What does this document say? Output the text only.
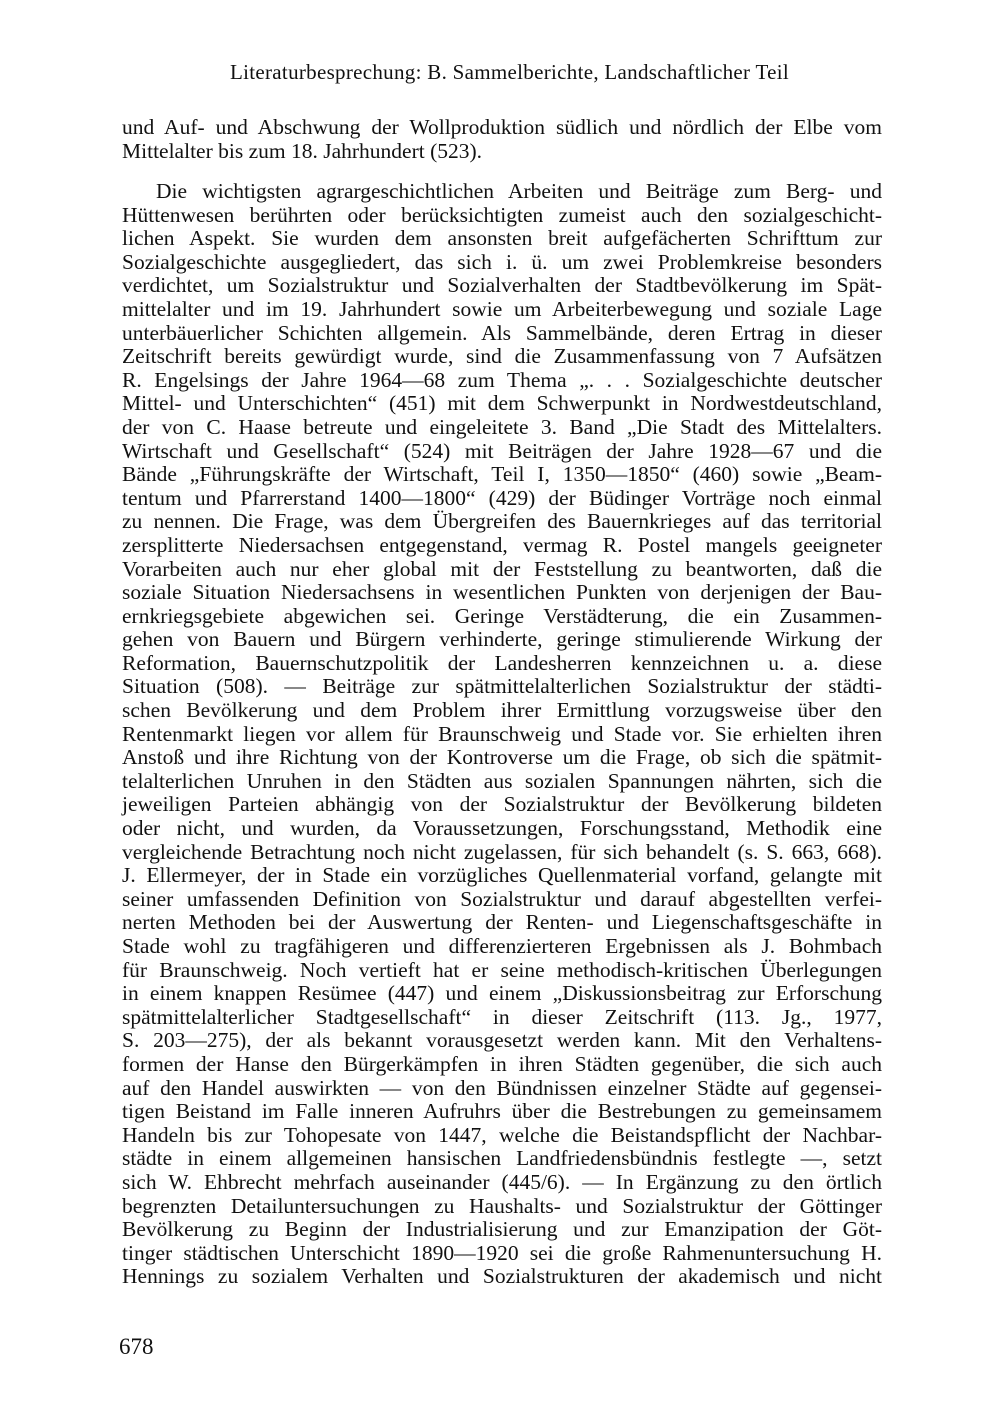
Literaturbesprechung: B. Sammelberichte, Landschaftlicher Teil
und Auf- und Abschwung der Wollproduktion südlich und nördlich der Elbe vom
Mittelalter bis zum 18. Jahrhundert (523).
Die wichtigsten agrargeschichtlichen Arbeiten und Beiträge zum Berg- und
Hüttenwesen berührten oder berücksichtigten zumeist auch den sozialgeschicht-
lichen Aspekt. Sie wurden dem ansonsten breit aufgefächerten Schrifttum zur
Sozialgeschichte ausgegliedert, das sich i. ü. um zwei Problemkreise besonders
verdichtet, um Sozialstruktur und Sozialverhalten der Stadtbevölkerung im Spät-
mittelalter und im 19. Jahrhundert sowie um Arbeiterbewegung und soziale Lage
unterbäuerlicher Schichten allgemein. Als Sammelbände, deren Ertrag in dieser
Zeitschrift bereits gewürdigt wurde, sind die Zusammenfassung von 7 Aufsätzen
R. Engelsings der Jahre 1964—68 zum Thema „. . . Sozialgeschichte deutscher
Mittel- und Unterschichten“ (451) mit dem Schwerpunkt in Nordwestdeutschland,
der von C. Haase betreute und eingeleitete 3. Band „Die Stadt des Mittelalters.
Wirtschaft und Gesellschaft“ (524) mit Beiträgen der Jahre 1928—67 und die
Bände „Führungskräfte der Wirtschaft, Teil I, 1350—1850“ (460) sowie „Beam-
tentum und Pfarrerstand 1400—1800“ (429) der Büdinger Vorträge noch einmal
zu nennen. Die Frage, was dem Übergreifen des Bauernkrieges auf das territorial
zersplitterte Niedersachsen entgegenstand, vermag R. Postel mangels geeigneter
Vorarbeiten auch nur eher global mit der Feststellung zu beantworten, daß die
soziale Situation Niedersachsens in wesentlichen Punkten von derjenigen der Bau-
ernkriegsgebiete abgewichen sei. Geringe Verstädterung, die ein Zusammen-
gehen von Bauern und Bürgern verhinderte, geringe stimulierende Wirkung der
Reformation, Bauernschutzpolitik der Landesherren kennzeichnen u. a. diese
Situation (508). — Beiträge zur spätmittelalterlichen Sozialstruktur der städti-
schen Bevölkerung und dem Problem ihrer Ermittlung vorzugsweise über den
Rentenmarkt liegen vor allem für Braunschweig und Stade vor. Sie erhielten ihren
Anstoß und ihre Richtung von der Kontroverse um die Frage, ob sich die spätmit-
telalterlichen Unruhen in den Städten aus sozialen Spannungen nährten, sich die
jeweiligen Parteien abhängig von der Sozialstruktur der Bevölkerung bildeten
oder nicht, und wurden, da Voraussetzungen, Forschungsstand, Methodik eine
vergleichende Betrachtung noch nicht zugelassen, für sich behandelt (s. S. 663, 668).
J. Ellermeyer, der in Stade ein vorzügliches Quellenmaterial vorfand, gelangte mit
seiner umfassenden Definition von Sozialstruktur und darauf abgestellten verfei-
nerten Methoden bei der Auswertung der Renten- und Liegenschaftsgeschäfte in
Stade wohl zu tragfähigeren und differenzierteren Ergebnissen als J. Bohmbach
für Braunschweig. Noch vertieft hat er seine methodisch-kritischen Überlegungen
in einem knappen Resümee (447) und einem „Diskussionsbeitrag zur Erforschung
spätmittelalterlicher Stadtgesellschaft“ in dieser Zeitschrift (113. Jg., 1977,
S. 203—275), der als bekannt vorausgesetzt werden kann. Mit den Verhaltens-
formen der Hanse den Bürgerkämpfen in ihren Städten gegenüber, die sich auch
auf den Handel auswirkten — von den Bündnissen einzelner Städte auf gegensei-
tigen Beistand im Falle inneren Aufruhrs über die Bestrebungen zu gemeinsamem
Handeln bis zur Tohopesate von 1447, welche die Beistandspflicht der Nachbar-
städte in einem allgemeinen hansischen Landfriedensbündnis festlegte —, setzt
sich W. Ehbrecht mehrfach auseinander (445/6). — In Ergänzung zu den örtlich
begrenzten Detailuntersuchungen zu Haushalts- und Sozialstruktur der Göttinger
Bevölkerung zu Beginn der Industrialisierung und zur Emanzipation der Göt-
tinger städtischen Unterschicht 1890—1920 sei die große Rahmenuntersuchung H.
Hennings zu sozialem Verhalten und Sozialstrukturen der akademisch und nicht
678
